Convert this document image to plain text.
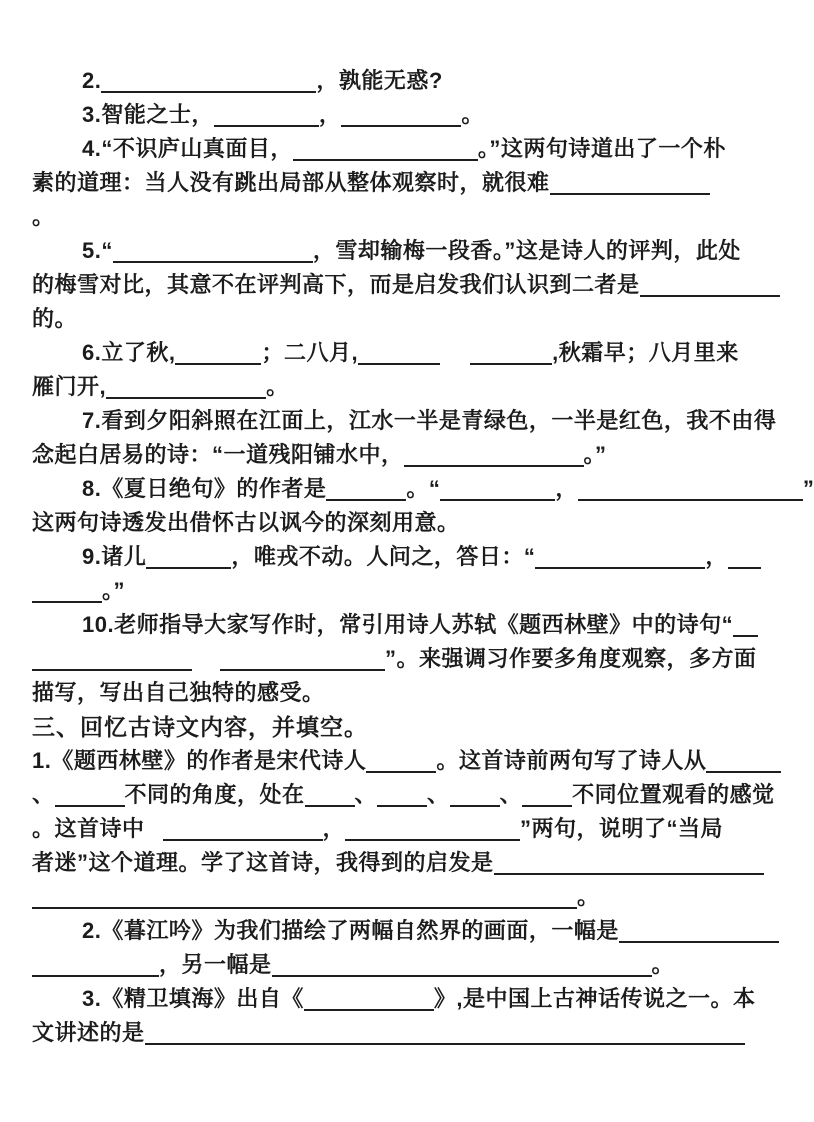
2.	，孰能无惑?
3.智能之士，	，	。
4.“不识庐山真面目，	。”这两句诗道出了一个朴
素的道理：当人没有跳出局部从整体观察时，就很难
。
5.“	，雪却输梅一段香。”这是诗人的评判，此处
的梅雪对比，其意不在评判高下，而是启发我们认识到二者是
的。
6.立了秋,	；二八月,	,秋霜早；八月里来
雁门开,	。
7.看到夕阳斜照在江面上，江水一半是青绿色，一半是红色，我不由得
念起白居易的诗：“一道残阳铺水中，	。”
8.《夏日绝句》的作者是	。“	，	”
这两句诗透发出借怀古以讽今的深刻用意。
9.诸儿	，唯戎不动。人问之，答日：“	，
。”
10.老师指导大家写作时，常引用诗人苏轼《题西林壁》中的诗句“
”。来强调习作要多角度观察，多方面
描写，写出自己独特的感受。
三、回忆古诗文内容，并填空。
1.《题西林壁》的作者是宋代诗人	。这首诗前两句写了诗人从
、	不同的角度，处在 、 、 、 不同位置观看的感觉
。这首诗中	，	”两句，说明了“当局
者迷”这个道理。学了这首诗，我得到的启发是
。
2.《暮江吟》为我们描绘了两幅自然界的画面，一幅是
，另一幅是	。
3.《精卫填海》出自《	》,是中国上古神话传说之一。本
文讲述的是
